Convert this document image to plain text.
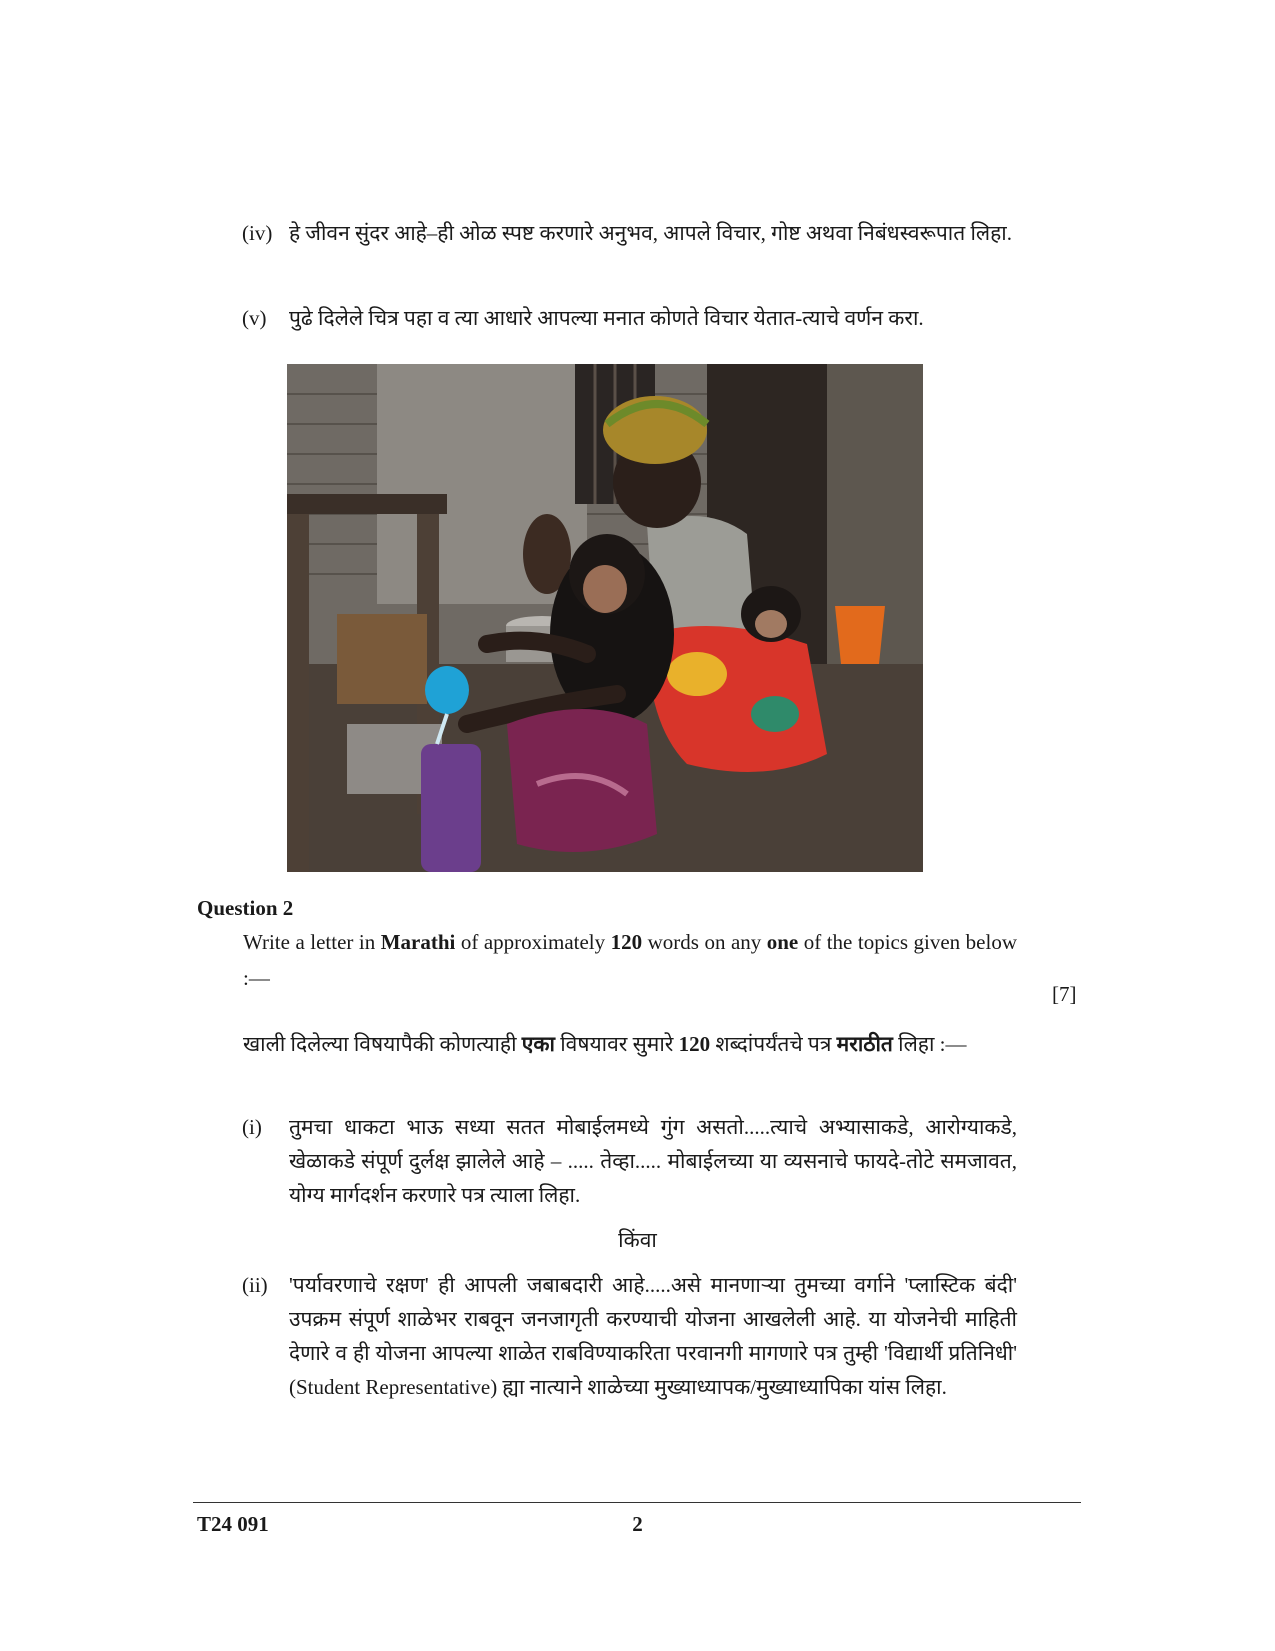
(iv) हे जीवन सुंदर आहे–ही ओळ स्पष्ट करणारे अनुभव, आपले विचार, गोष्ट अथवा निबंधस्वरूपात लिहा.
(v) पुढे दिलेले चित्र पहा व त्या आधारे आपल्या मनात कोणते विचार येतात-त्याचे वर्णन करा.
Question 2
Write a letter in Marathi of approximately 120 words on any one of the topics given below :—
[7]
खाली दिलेल्या विषयापैकी कोणत्याही एका विषयावर सुमारे 120 शब्दांपर्यंतचे पत्र मराठीत लिहा :—
(i) तुमचा धाकटा भाऊ सध्या सतत मोबाईलमध्ये गुंग असतो.....त्याचे अभ्यासाकडे, आरोग्याकडे, खेळाकडे संपूर्ण दुर्लक्ष झालेले आहे – ..... तेव्हा..... मोबाईलच्या या व्यसनाचे फायदे-तोटे समजावत, योग्य मार्गदर्शन करणारे पत्र त्याला लिहा.
किंवा
(ii) 'पर्यावरणाचे रक्षण' ही आपली जबाबदारी आहे.....असे मानणाऱ्या तुमच्या वर्गाने 'प्लास्टिक बंदी' उपक्रम संपूर्ण शाळेभर राबवून जनजागृती करण्याची योजना आखलेली आहे. या योजनेची माहिती देणारे व ही योजना आपल्या शाळेत राबविण्याकरिता परवानगी मागणारे पत्र तुम्ही 'विद्यार्थी प्रतिनिधी' (Student Representative) ह्या नात्याने शाळेच्या मुख्याध्यापक/मुख्याध्यापिका यांस लिहा.
T24 091	2
